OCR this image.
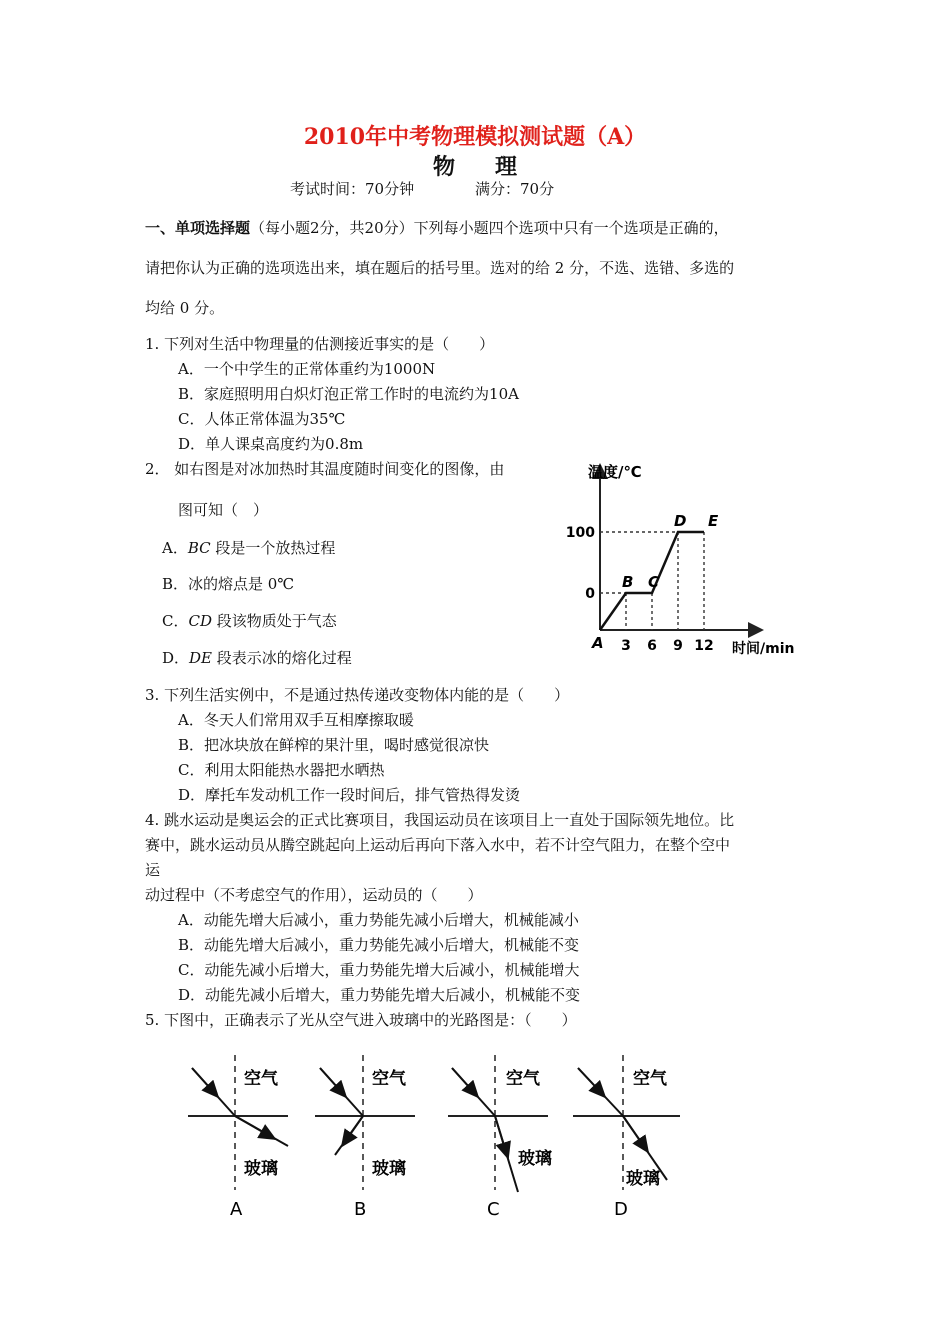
2010年中考物理模拟测试题（A）
物理
考试时间：70分钟	满分：70分
一、单项选择题（每小题2分，共20分）下列每小题四个选项中只有一个选项是正确的，
请把你认为正确的选项选出来，填在题后的括号里。选对的给 2 分，不选、选错、多选的
均给 0 分。
1. 下列对生活中物理量的估测接近事实的是（　　）
A．一个中学生的正常体重约为1000N
B．家庭照明用白炽灯泡正常工作时的电流约为10A
C．人体正常体温为35℃
D．单人课桌高度约为0.8m
2． 如右图是对冰加热时其温度随时间变化的图像，由
图可知（　）
A．BC 段是一个放热过程
B．冰的熔点是 0℃
C．CD 段该物质处于气态
D．DE 段表示冰的熔化过程
温度/℃
时间/min
A
B C
D E
3 6 9 12
100
0
3. 下列生活实例中，不是通过热传递改变物体内能的是（　　）
A．冬天人们常用双手互相摩擦取暖
B．把冰块放在鲜榨的果汁里，喝时感觉很凉快
C．利用太阳能热水器把水晒热
D．摩托车发动机工作一段时间后，排气管热得发烫
4. 跳水运动是奥运会的正式比赛项目，我国运动员在该项目上一直处于国际领先地位。比
赛中，跳水运动员从腾空跳起向上运动后再向下落入水中，若不计空气阻力，在整个空中
运
动过程中（不考虑空气的作用），运动员的（　　）
A．动能先增大后减小，重力势能先减小后增大，机械能减小
B．动能先增大后减小，重力势能先减小后增大，机械能不变
C．动能先减小后增大，重力势能先增大后减小，机械能增大
D．动能先减小后增大，重力势能先增大后减小，机械能不变
5. 下图中，正确表示了光从空气进入玻璃中的光路图是：（　　）
空气
玻璃
A
空气
玻璃
B
空气
玻璃
C
空气
玻璃
D
